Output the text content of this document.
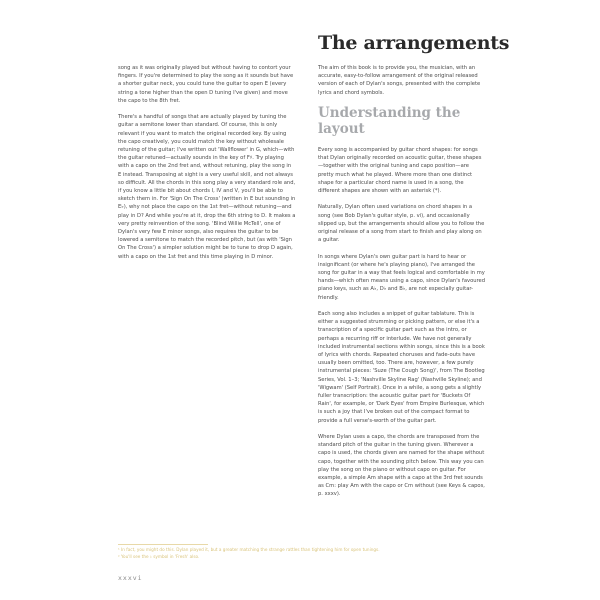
The arrangements

song as it was originally played but without having to contort your fingers. If you're determined to play the song as it sounds but have a shorter guitar neck, you could tune the guitar to open E (every string a tone higher than the open D tuning I've given) and move the capo to the 8th fret.

There's a handful of songs that are actually played by tuning the guitar a semitone lower than standard. Of course, this is only relevant if you want to match the original recorded key. By using the capo creatively, you could match the key without wholesale retuning of the guitar; I've written out 'Wallflower' in G, which—with the guitar retuned—actually sounds in the key of F♯. Try playing with a capo on the 2nd fret and, without retuning, play the song in E instead. Transposing at sight is a very useful skill, and not always so difficult. All the chords in this song play a very standard role and, if you know a little bit about chords I, IV and V, you'll be able to sketch them in. For 'Sign On The Cross' (written in E but sounding in E♭), why not place the capo on the 1st fret—without retuning—and play in D? And while you're at it, drop the 6th string to D. It makes a very pretty reinvention of the song. 'Blind Willie McTell', one of Dylan's very few E minor songs, also requires the guitar to be lowered a semitone to match the recorded pitch, but (as with 'Sign On The Cross') a simpler solution might be to tune to drop D again, with a capo on the 1st fret and this time playing in D minor.

The aim of this book is to provide you, the musician, with an accurate, easy-to-follow arrangement of the original released version of each of Dylan's songs, presented with the complete lyrics and chord symbols.

Understanding the layout

Every song is accompanied by guitar chord shapes: for songs that Dylan originally recorded on acoustic guitar, these shapes—together with the original tuning and capo position—are pretty much what he played. Where more than one distinct shape for a particular chord name is used in a song, the different shapes are shown with an asterisk (*).

Naturally, Dylan often used variations on chord shapes in a song (see Bob Dylan's guitar style, p. vi), and occasionally slipped up, but the arrangements should allow you to follow the original release of a song from start to finish and play along on a guitar.

In songs where Dylan's own guitar part is hard to hear or insignificant (or where he's playing piano), I've arranged the song for guitar in a way that feels logical and comfortable in my hands—which often means using a capo, since Dylan's favoured piano keys, such as A♭, D♭ and B♭, are not especially guitar-friendly.

Each song also includes a snippet of guitar tablature. This is either a suggested strumming or picking pattern, or else it's a transcription of a specific guitar part such as the intro, or perhaps a recurring riff or interlude. We have not generally included instrumental sections within songs, since this is a book of lyrics with chords. Repeated choruses and fade-outs have usually been omitted, too. There are, however, a few purely instrumental pieces: 'Suze (The Cough Song)', from The Bootleg Series, Vol. 1–3; 'Nashville Skyline Rag' (Nashville Skyline); and 'Wigwam' (Self Portrait). Once in a while, a song gets a slightly fuller transcription: the acoustic guitar part for 'Buckets Of Rain', for example, or 'Dark Eyes' from Empire Burlesque, which is such a joy that I've broken out of the compact format to provide a full verse's-worth of the guitar part.

Where Dylan uses a capo, the chords are transposed from the standard pitch of the guitar in the tuning given. Wherever a capo is used, the chords given are named for the shape without capo, together with the sounding pitch below. This way you can play the song on the piano or without capo on guitar. For example, a simple Am shape with a capo at the 3rd fret sounds as Cm: play Am with the capo or Cm without (see Keys & capos, p. xxxv).

¹ In fact, you might do this. Dylan played it, but a greater matching the strange rattles than tightening him for open tunings.
² You'll see the ♭ symbol in 'Fresh' also.
xxxvi
